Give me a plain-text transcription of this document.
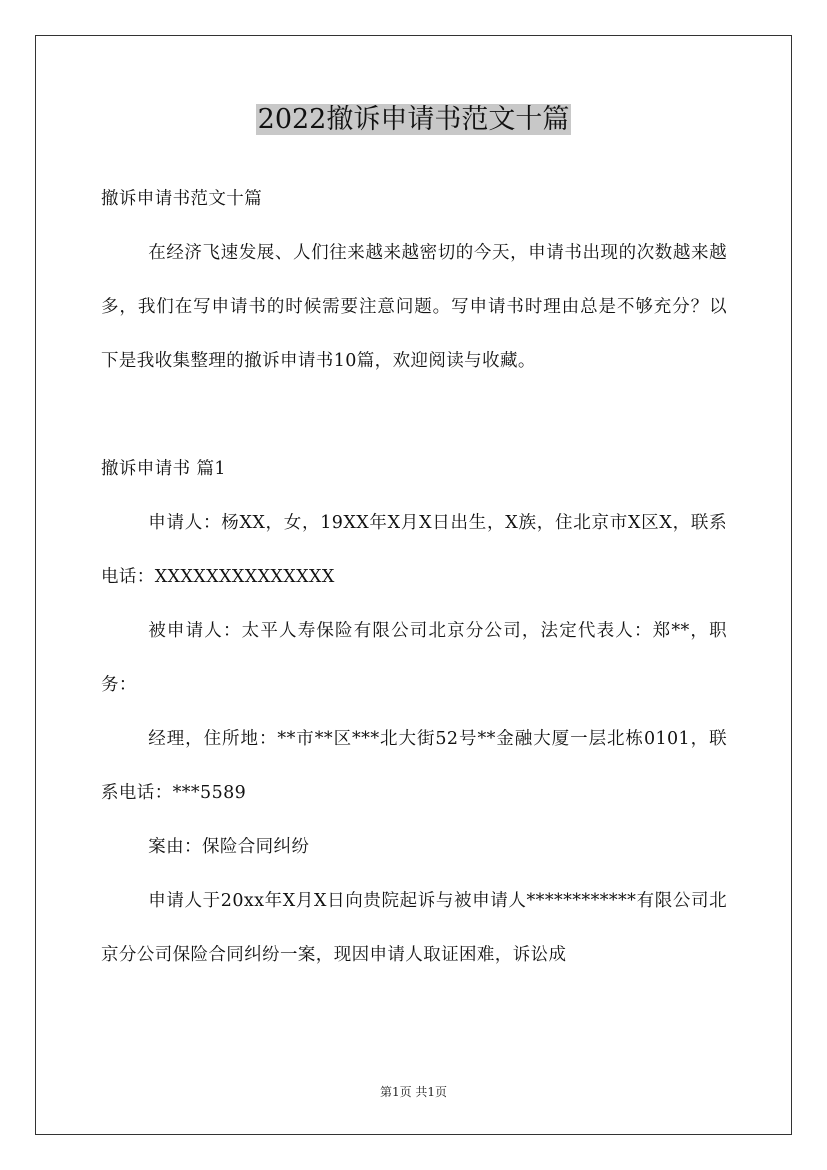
2022撤诉申请书范文十篇

撤诉申请书范文十篇

在经济飞速发展、人们往来越来越密切的今天，申请书出现的次数越来越多，我们在写申请书的时候需要注意问题。写申请书时理由总是不够充分？以下是我收集整理的撤诉申请书10篇，欢迎阅读与收藏。

撤诉申请书 篇1

申请人：杨XX，女，19XX年X月X日出生，X族，住北京市X区X，联系电话：XXXXXXXXXXXXXX

被申请人：太平人寿保险有限公司北京分公司，法定代表人：郑**，职务：

经理，住所地：**市**区***北大街52号**金融大厦一层北栋0101，联系电话：***5589

案由：保险合同纠纷

申请人于20xx年X月X日向贵院起诉与被申请人************有限公司北京分公司保险合同纠纷一案，现因申请人取证困难，诉讼成

第1页 共1页
